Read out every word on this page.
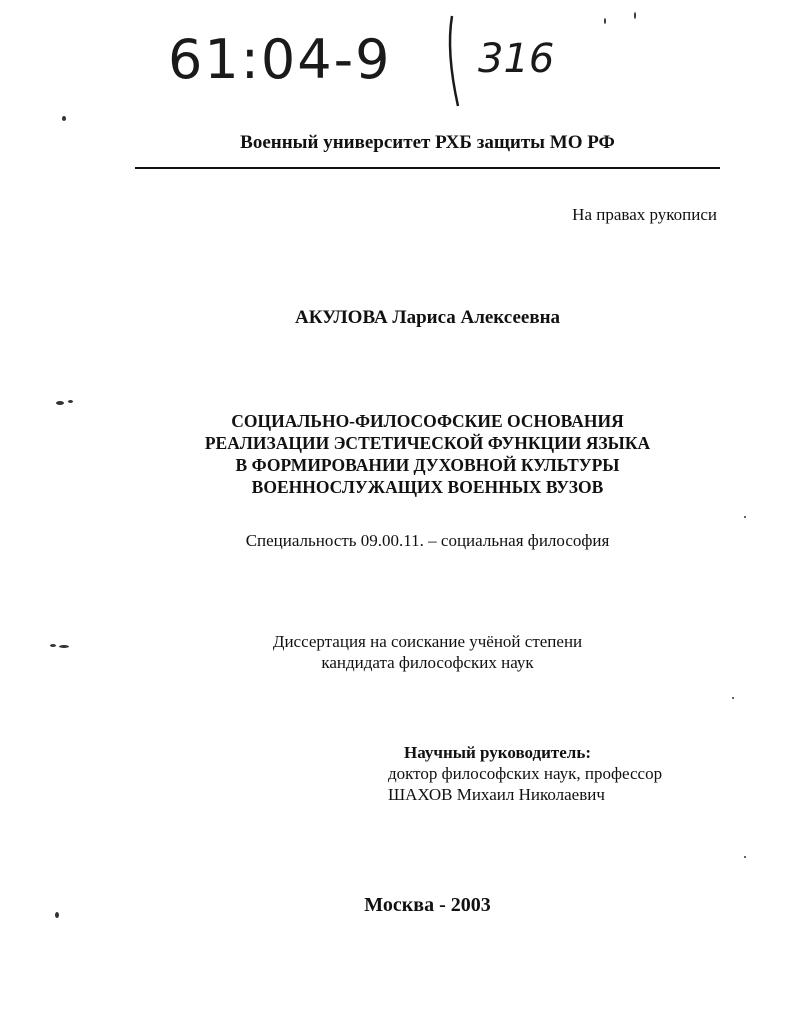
61:04-9 316
Военный университет РХБ защиты МО РФ
На правах рукописи
АКУЛОВА Лариса Алексеевна
СОЦИАЛЬНО-ФИЛОСОФСКИЕ ОСНОВАНИЯ
РЕАЛИЗАЦИИ ЭСТЕТИЧЕСКОЙ ФУНКЦИИ ЯЗЫКА
В ФОРМИРОВАНИИ ДУХОВНОЙ КУЛЬТУРЫ
ВОЕННОСЛУЖАЩИХ ВОЕННЫХ ВУЗОВ
Специальность 09.00.11. – социальная философия
Диссертация на соискание учёной степени
кандидата философских наук
Научный руководитель:
доктор философских наук, профессор
ШАХОВ Михаил Николаевич
Москва - 2003
